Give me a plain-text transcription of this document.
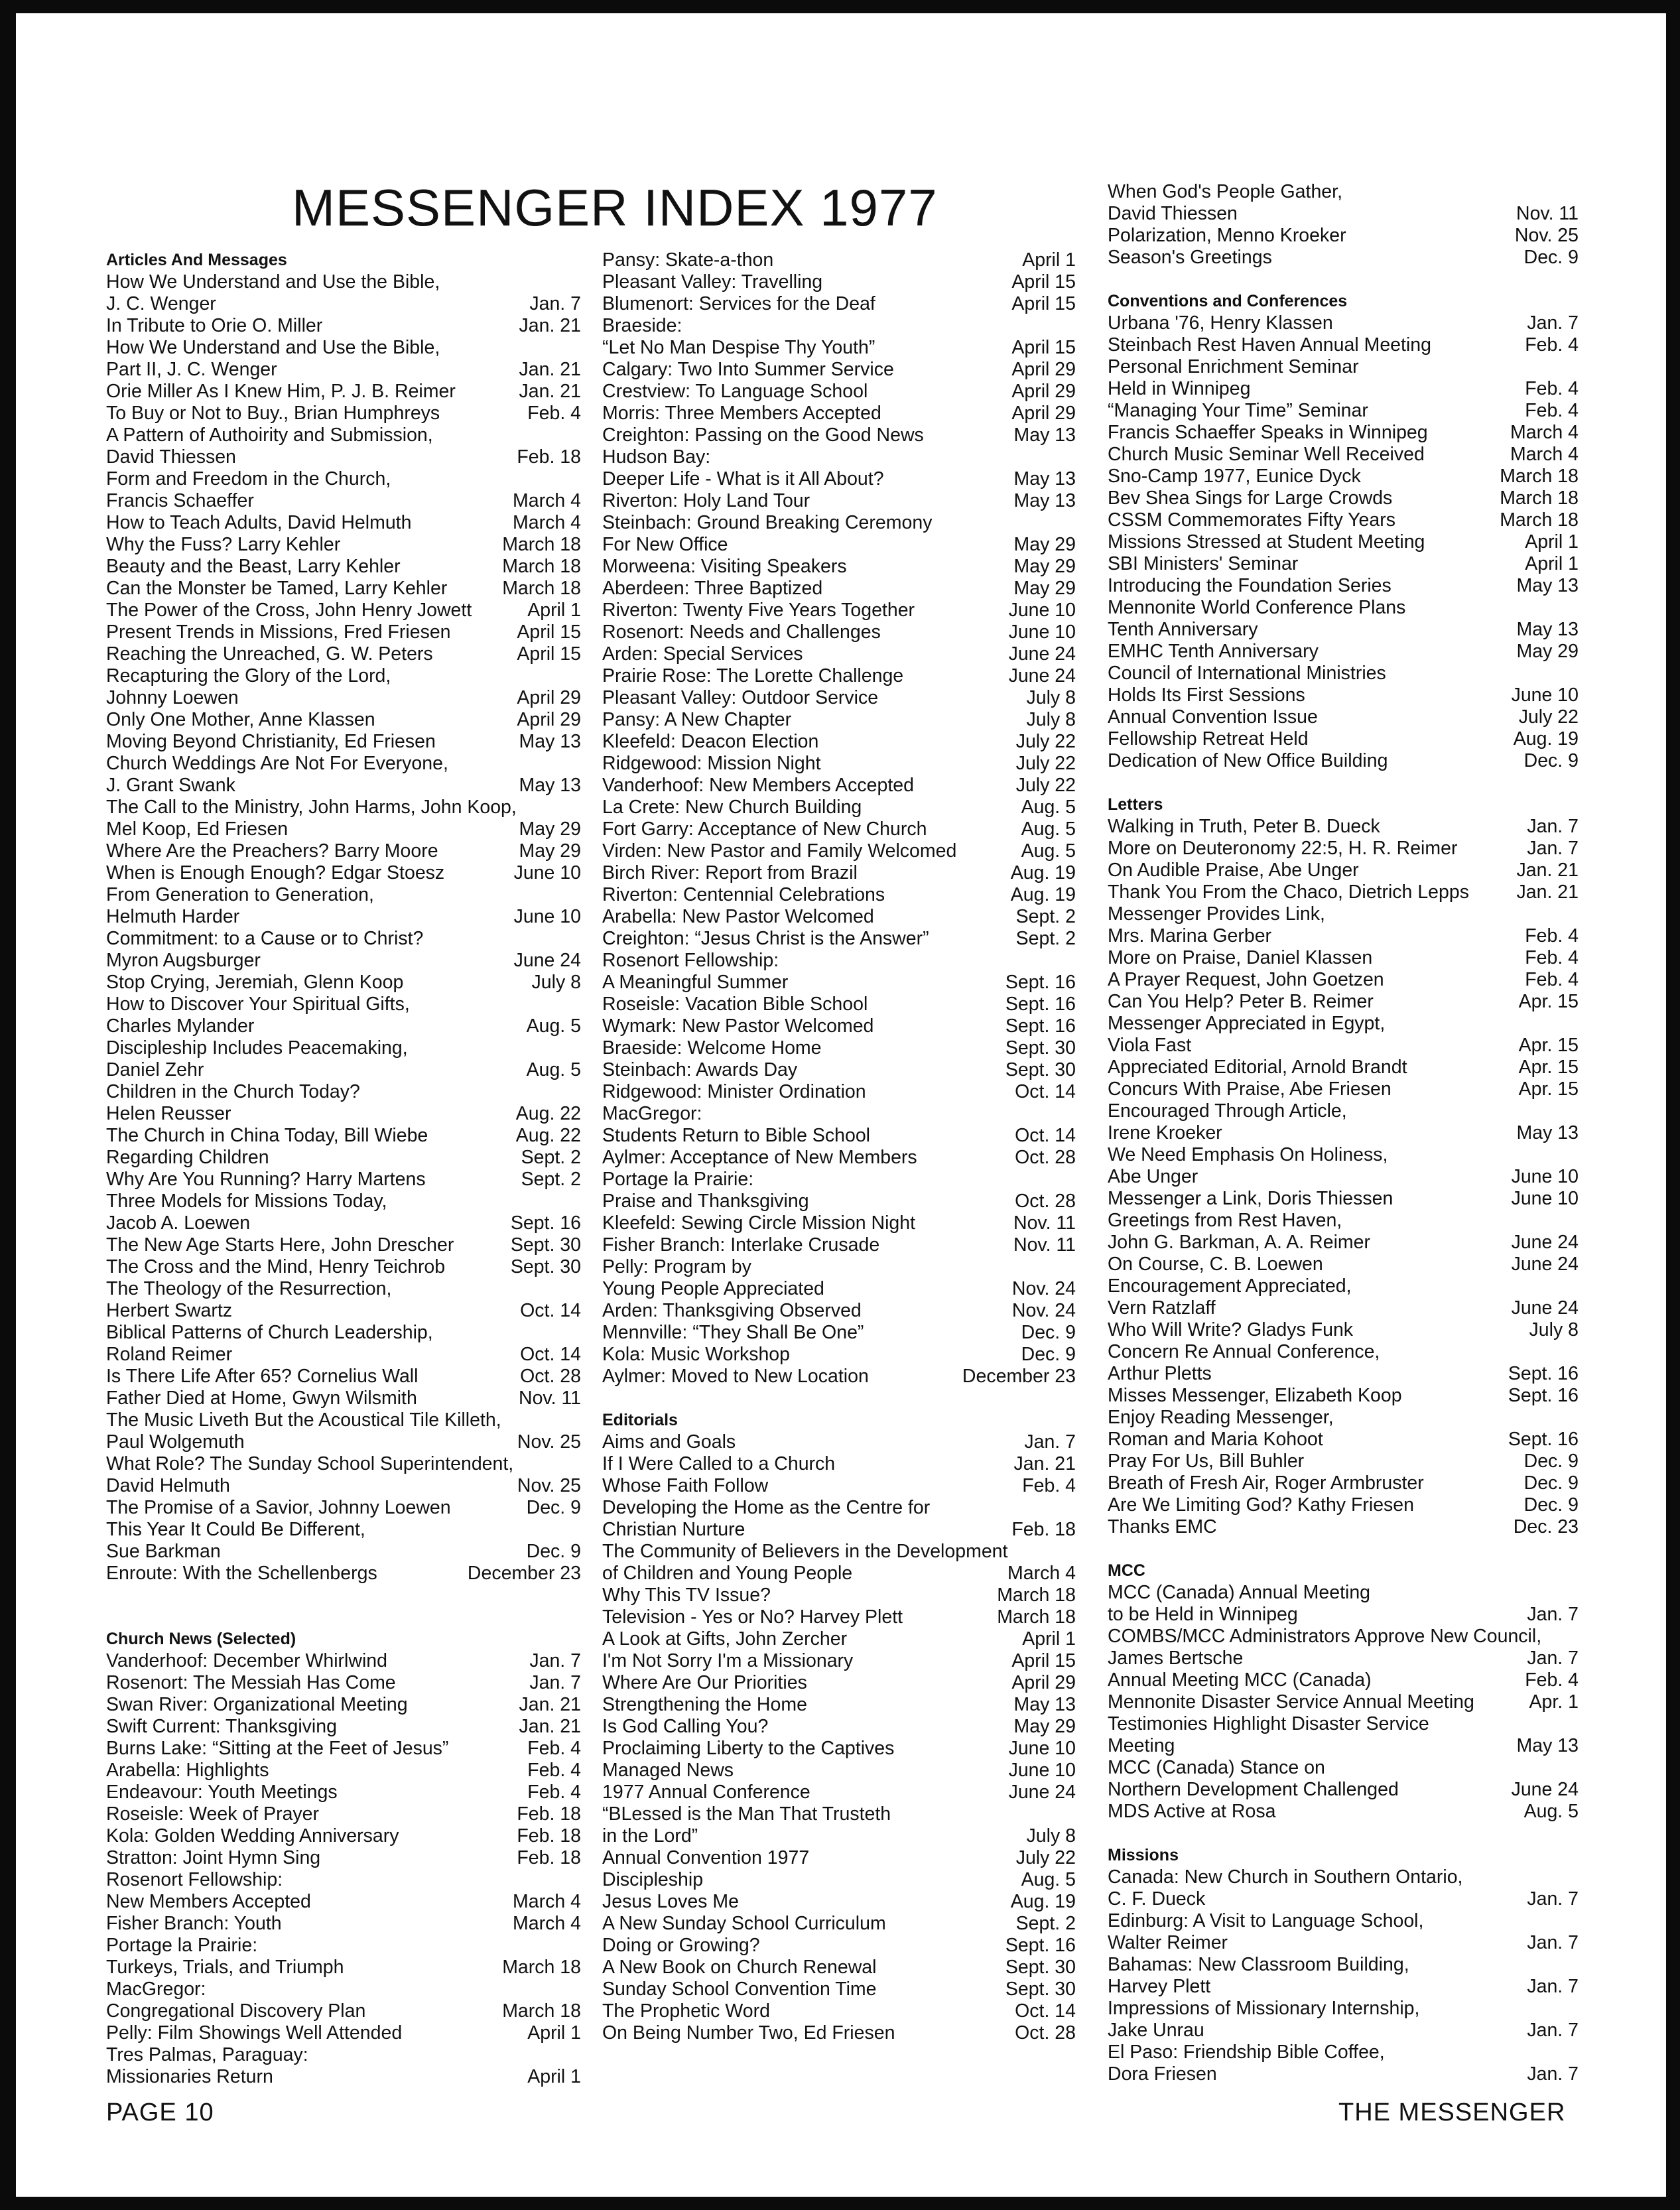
MESSENGER INDEX 1977
Articles And Messages
How We Understand and Use the Bible,
J. C. Wenger	Jan. 7
In Tribute to Orie O. Miller	Jan. 21
How We Understand and Use the Bible,
Part II, J. C. Wenger	Jan. 21
Orie Miller As I Knew Him, P. J. B. Reimer	Jan. 21
To Buy or Not to Buy., Brian Humphreys	Feb. 4
A Pattern of Authoirity and Submission,
David Thiessen	Feb. 18
Form and Freedom in the Church,
Francis Schaeffer	March 4
How to Teach Adults, David Helmuth	March 4
Why the Fuss? Larry Kehler	March 18
Beauty and the Beast, Larry Kehler	March 18
Can the Monster be Tamed, Larry Kehler	March 18
The Power of the Cross, John Henry Jowett	April 1
Present Trends in Missions, Fred Friesen	April 15
Reaching the Unreached, G. W. Peters	April 15
Recapturing the Glory of the Lord,
Johnny Loewen	April 29
Only One Mother, Anne Klassen	April 29
Moving Beyond Christianity, Ed Friesen	May 13
Church Weddings Are Not For Everyone,
J. Grant Swank	May 13
The Call to the Ministry, John Harms, John Koop,
Mel Koop, Ed Friesen	May 29
Where Are the Preachers? Barry Moore	May 29
When is Enough Enough? Edgar Stoesz	June 10
From Generation to Generation,
Helmuth Harder	June 10
Commitment: to a Cause or to Christ?
Myron Augsburger	June 24
Stop Crying, Jeremiah, Glenn Koop	July 8
How to Discover Your Spiritual Gifts,
Charles Mylander	Aug. 5
Discipleship Includes Peacemaking,
Daniel Zehr	Aug. 5
Children in the Church Today?
Helen Reusser	Aug. 22
The Church in China Today, Bill Wiebe	Aug. 22
Regarding Children	Sept. 2
Why Are You Running? Harry Martens	Sept. 2
Three Models for Missions Today,
Jacob A. Loewen	Sept. 16
The New Age Starts Here, John Drescher	Sept. 30
The Cross and the Mind, Henry Teichrob	Sept. 30
The Theology of the Resurrection,
Herbert Swartz	Oct. 14
Biblical Patterns of Church Leadership,
Roland Reimer	Oct. 14
Is There Life After 65? Cornelius Wall	Oct. 28
Father Died at Home, Gwyn Wilsmith	Nov. 11
The Music Liveth But the Acoustical Tile Killeth,
Paul Wolgemuth	Nov. 25
What Role? The Sunday School Superintendent,
David Helmuth	Nov. 25
The Promise of a Savior, Johnny Loewen	Dec. 9
This Year It Could Be Different,
Sue Barkman	Dec. 9
Enroute: With the Schellenbergs	December 23
Church News (Selected)
Vanderhoof: December Whirlwind	Jan. 7
Rosenort: The Messiah Has Come	Jan. 7
Swan River: Organizational Meeting	Jan. 21
Swift Current: Thanksgiving	Jan. 21
Burns Lake: “Sitting at the Feet of Jesus”	Feb. 4
Arabella: Highlights	Feb. 4
Endeavour: Youth Meetings	Feb. 4
Roseisle: Week of Prayer	Feb. 18
Kola: Golden Wedding Anniversary	Feb. 18
Stratton: Joint Hymn Sing	Feb. 18
Rosenort Fellowship:
New Members Accepted	March 4
Fisher Branch: Youth	March 4
Portage la Prairie:
Turkeys, Trials, and Triumph	March 18
MacGregor:
Congregational Discovery Plan	March 18
Pelly: Film Showings Well Attended	April 1
Tres Palmas, Paraguay:
Missionaries Return	April 1
Pansy: Skate-a-thon	April 1
Pleasant Valley: Travelling	April 15
Blumenort: Services for the Deaf	April 15
Braeside:
“Let No Man Despise Thy Youth”	April 15
Calgary: Two Into Summer Service	April 29
Crestview: To Language School	April 29
Morris: Three Members Accepted	April 29
Creighton: Passing on the Good News	May 13
Hudson Bay:
Deeper Life - What is it All About?	May 13
Riverton: Holy Land Tour	May 13
Steinbach: Ground Breaking Ceremony
For New Office	May 29
Morweena: Visiting Speakers	May 29
Aberdeen: Three Baptized	May 29
Riverton: Twenty Five Years Together	June 10
Rosenort: Needs and Challenges	June 10
Arden: Special Services	June 24
Prairie Rose: The Lorette Challenge	June 24
Pleasant Valley: Outdoor Service	July 8
Pansy: A New Chapter	July 8
Kleefeld: Deacon Election	July 22
Ridgewood: Mission Night	July 22
Vanderhoof: New Members Accepted	July 22
La Crete: New Church Building	Aug. 5
Fort Garry: Acceptance of New Church	Aug. 5
Virden: New Pastor and Family Welcomed	Aug. 5
Birch River: Report from Brazil	Aug. 19
Riverton: Centennial Celebrations	Aug. 19
Arabella: New Pastor Welcomed	Sept. 2
Creighton: “Jesus Christ is the Answer”	Sept. 2
Rosenort Fellowship:
A Meaningful Summer	Sept. 16
Roseisle: Vacation Bible School	Sept. 16
Wymark: New Pastor Welcomed	Sept. 16
Braeside: Welcome Home	Sept. 30
Steinbach: Awards Day	Sept. 30
Ridgewood: Minister Ordination	Oct. 14
MacGregor:
Students Return to Bible School	Oct. 14
Aylmer: Acceptance of New Members	Oct. 28
Portage la Prairie:
Praise and Thanksgiving	Oct. 28
Kleefeld: Sewing Circle Mission Night	Nov. 11
Fisher Branch: Interlake Crusade	Nov. 11
Pelly: Program by
Young People Appreciated	Nov. 24
Arden: Thanksgiving Observed	Nov. 24
Mennville: “They Shall Be One”	Dec. 9
Kola: Music Workshop	Dec. 9
Aylmer: Moved to New Location	December 23
Editorials
Aims and Goals	Jan. 7
If I Were Called to a Church	Jan. 21
Whose Faith Follow	Feb. 4
Developing the Home as the Centre for
Christian Nurture	Feb. 18
The Community of Believers in the Development
of Children and Young People	March 4
Why This TV Issue?	March 18
Television - Yes or No? Harvey Plett	March 18
A Look at Gifts, John Zercher	April 1
I'm Not Sorry I'm a Missionary	April 15
Where Are Our Priorities	April 29
Strengthening the Home	May 13
Is God Calling You?	May 29
Proclaiming Liberty to the Captives	June 10
Managed News	June 10
1977 Annual Conference	June 24
“BLessed is the Man That Trusteth
in the Lord”	July 8
Annual Convention 1977	July 22
Discipleship	Aug. 5
Jesus Loves Me	Aug. 19
A New Sunday School Curriculum	Sept. 2
Doing or Growing?	Sept. 16
A New Book on Church Renewal	Sept. 30
Sunday School Convention Time	Sept. 30
The Prophetic Word	Oct. 14
On Being Number Two, Ed Friesen	Oct. 28
When God's People Gather,
David Thiessen	Nov. 11
Polarization, Menno Kroeker	Nov. 25
Season's Greetings	Dec. 9
Conventions and Conferences
Urbana '76, Henry Klassen	Jan. 7
Steinbach Rest Haven Annual Meeting	Feb. 4
Personal Enrichment Seminar
Held in Winnipeg	Feb. 4
“Managing Your Time” Seminar	Feb. 4
Francis Schaeffer Speaks in Winnipeg	March 4
Church Music Seminar Well Received	March 4
Sno-Camp 1977, Eunice Dyck	March 18
Bev Shea Sings for Large Crowds	March 18
CSSM Commemorates Fifty Years	March 18
Missions Stressed at Student Meeting	April 1
SBI Ministers' Seminar	April 1
Introducing the Foundation Series	May 13
Mennonite World Conference Plans
Tenth Anniversary	May 13
EMHC Tenth Anniversary	May 29
Council of International Ministries
Holds Its First Sessions	June 10
Annual Convention Issue	July 22
Fellowship Retreat Held	Aug. 19
Dedication of New Office Building	Dec. 9
Letters
Walking in Truth, Peter B. Dueck	Jan. 7
More on Deuteronomy 22:5, H. R. Reimer	Jan. 7
On Audible Praise, Abe Unger	Jan. 21
Thank You From the Chaco, Dietrich Lepps	Jan. 21
Messenger Provides Link,
Mrs. Marina Gerber	Feb. 4
More on Praise, Daniel Klassen	Feb. 4
A Prayer Request, John Goetzen	Feb. 4
Can You Help? Peter B. Reimer	Apr. 15
Messenger Appreciated in Egypt,
Viola Fast	Apr. 15
Appreciated Editorial, Arnold Brandt	Apr. 15
Concurs With Praise, Abe Friesen	Apr. 15
Encouraged Through Article,
Irene Kroeker	May 13
We Need Emphasis On Holiness,
Abe Unger	June 10
Messenger a Link, Doris Thiessen	June 10
Greetings from Rest Haven,
John G. Barkman, A. A. Reimer	June 24
On Course, C. B. Loewen	June 24
Encouragement Appreciated,
Vern Ratzlaff	June 24
Who Will Write? Gladys Funk	July 8
Concern Re Annual Conference,
Arthur Pletts	Sept. 16
Misses Messenger, Elizabeth Koop	Sept. 16
Enjoy Reading Messenger,
Roman and Maria Kohoot	Sept. 16
Pray For Us, Bill Buhler	Dec. 9
Breath of Fresh Air, Roger Armbruster	Dec. 9
Are We Limiting God? Kathy Friesen	Dec. 9
Thanks EMC	Dec. 23
MCC
MCC (Canada) Annual Meeting
to be Held in Winnipeg	Jan. 7
COMBS/MCC Administrators Approve New Council,
James Bertsche	Jan. 7
Annual Meeting MCC (Canada)	Feb. 4
Mennonite Disaster Service Annual Meeting	Apr. 1
Testimonies Highlight Disaster Service
Meeting	May 13
MCC (Canada) Stance on
Northern Development Challenged	June 24
MDS Active at Rosa	Aug. 5
Missions
Canada: New Church in Southern Ontario,
C. F. Dueck	Jan. 7
Edinburg: A Visit to Language School,
Walter Reimer	Jan. 7
Bahamas: New Classroom Building,
Harvey Plett	Jan. 7
Impressions of Missionary Internship,
Jake Unrau	Jan. 7
El Paso: Friendship Bible Coffee,
Dora Friesen	Jan. 7
PAGE 10	THE MESSENGER
